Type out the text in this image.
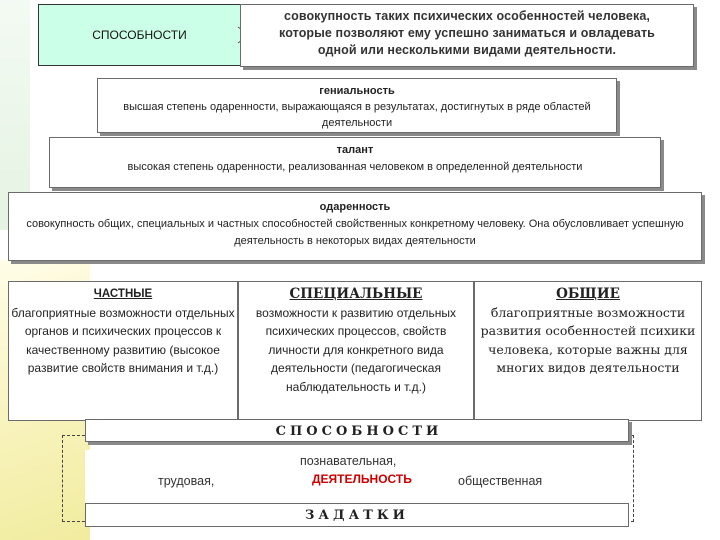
СПОСОБНОСТИ
совокупность таких психических особенностей человека,
которые позволяют ему успешно заниматься и овладевать
одной или несколькими видами деятельности.
гениальность
высшая степень одаренности, выражающаяся в результатах, достигнутых в ряде областей деятельности
талант
высокая степень одаренности, реализованная человеком в определенной деятельности
одаренность
совокупность общих, специальных и частных способностей свойственных конкретному человеку. Она обусловливает успешную деятельность в некоторых видах деятельности
ЧАСТНЫЕ
благоприятные возможности отдельных органов и психических процессов к качественному развитию (высокое развитие свойств внимания и т.д.)
СПЕЦИАЛЬНЫЕ
возможности к развитию отдельных психических процессов, свойств личности для конкретного вида деятельности (педагогическая наблюдательность и т.д.)
ОБЩИЕ
благоприятные возможности развития особенностей психики человека, которые важны для многих видов деятельности
СПОСОБНОСТИ
познавательная,
трудовая,	ДЕЯТЕЛЬНОСТЬ	общественная
ЗАДАТКИ
